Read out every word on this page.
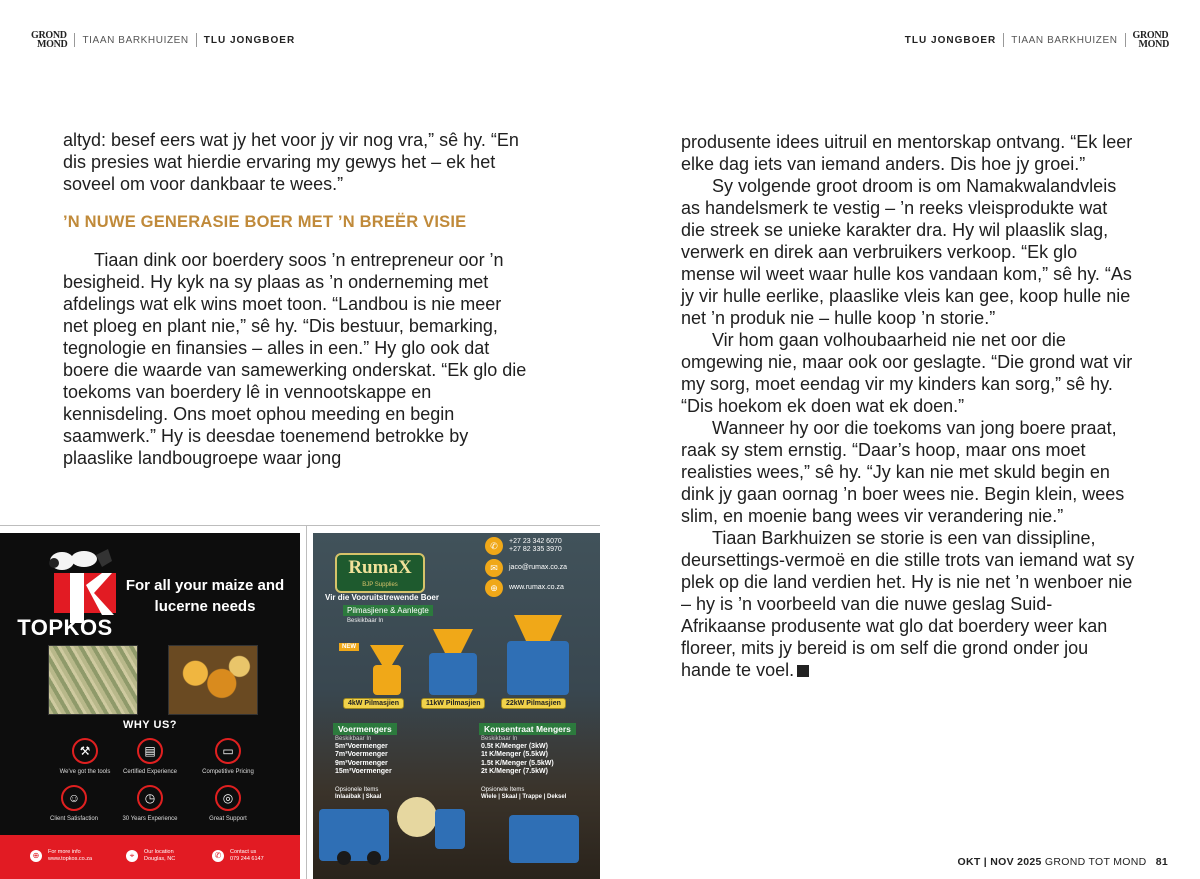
GROND
MOND TIAAN BARKHUIZEN TLU JONGBOER	TLU JONGBOER TIAAN BARKHUIZEN GROND
MOND

altyd: besef eers wat jy het voor jy vir nog vra,” sê hy. “En dis presies wat hierdie ervaring my gewys het – ek het soveel om voor dankbaar te wees.”

’N NUWE GENERASIE BOER MET ’N BREËR VISIE

Tiaan dink oor boerdery soos ’n entrepreneur oor ’n besigheid. Hy kyk na sy plaas as ’n onderneming met afdelings wat elk wins moet toon. “Landbou is nie meer net ploeg en plant nie,” sê hy. “Dis bestuur, bemarking, tegnologie en finansies – alles in een.” Hy glo ook dat boere die waarde van samewerking onderskat. “Ek glo die toekoms van boerdery lê in vennootskappe en kennisdeling. Ons moet ophou meeding en begin saamwerk.” Hy is deesdae toenemend betrokke by plaaslike landbougroepe waar jong

produsente idees uitruil en mentorskap ontvang. “Ek leer elke dag iets van iemand anders. Dis hoe jy groei.”

Sy volgende groot droom is om Namakwalandvleis as handelsmerk te vestig – ’n reeks vleisprodukte wat die streek se unieke karakter dra. Hy wil plaaslik slag, verwerk en direk aan verbruikers verkoop. “Ek glo mense wil weet waar hulle kos vandaan kom,” sê hy. “As jy vir hulle eerlike, plaaslike vleis kan gee, koop hulle nie net ’n produk nie – hulle koop ’n storie.”

Vir hom gaan volhoubaarheid nie net oor die omgewing nie, maar ook oor geslagte. “Die grond wat vir my sorg, moet eendag vir my kinders kan sorg,” sê hy. “Dis hoekom ek doen wat ek doen.”

Wanneer hy oor die toekoms van jong boere praat, raak sy stem ernstig. “Daar’s hoop, maar ons moet realisties wees,” sê hy. “Jy kan nie met skuld begin en dink jy gaan oornag ’n boer wees nie. Begin klein, wees slim, en moenie bang wees vir verandering nie.”

Tiaan Barkhuizen se storie is een van dissipline, deursettings-vermoë en die stille trots van iemand wat sy plek op die land verdien het. Hy is nie net ’n wenboer nie – hy is ’n voorbeeld van die nuwe geslag Suid-Afrikaanse produsente wat glo dat boerdery weer kan floreer, mits jy bereid is om self die grond onder jou hande te voel.	T

TOPKOS
For all your maize and lucerne needs
WHY US?
⚒
We've got the tools
▤
Certified Experience
▭
Competitive Pricing
☺
Client Satisfaction
◷
30 Years Experience
◎
Great Support
⊕	For more info
www.topkos.co.za	⌖	Our location
Douglas, NC	✆	Contact us
079 244 6147
RumaX
BJP Supplies
✆	+27 23 342 6070
+27 82 335 3970
✉	jaco@rumax.co.za
⊕	www.rumax.co.za
Vir die Vooruitstrewende Boer
Pilmasjiene & Aanlegte
Beskikbaar In
NEW
4kW Pilmasjien	11kW Pilmasjien	22kW Pilmasjien
Voermengers	Konsentraat Mengers
Beskikbaar In
5m³Voermenger
7m³Voermenger
9m³Voermenger
15m³Voermenger
Beskikbaar In
0.5t K/Menger (3kW)
1t K/Menger (5.5kW)
1.5t K/Menger (5.5kW)
2t K/Menger (7.5kW)
Opsionele Items
Inlaaibak | Skaal
Opsionele Items
Wiele | Skaal | Trappe | Deksel
OKT | NOV 2025 GROND TOT MOND 81
